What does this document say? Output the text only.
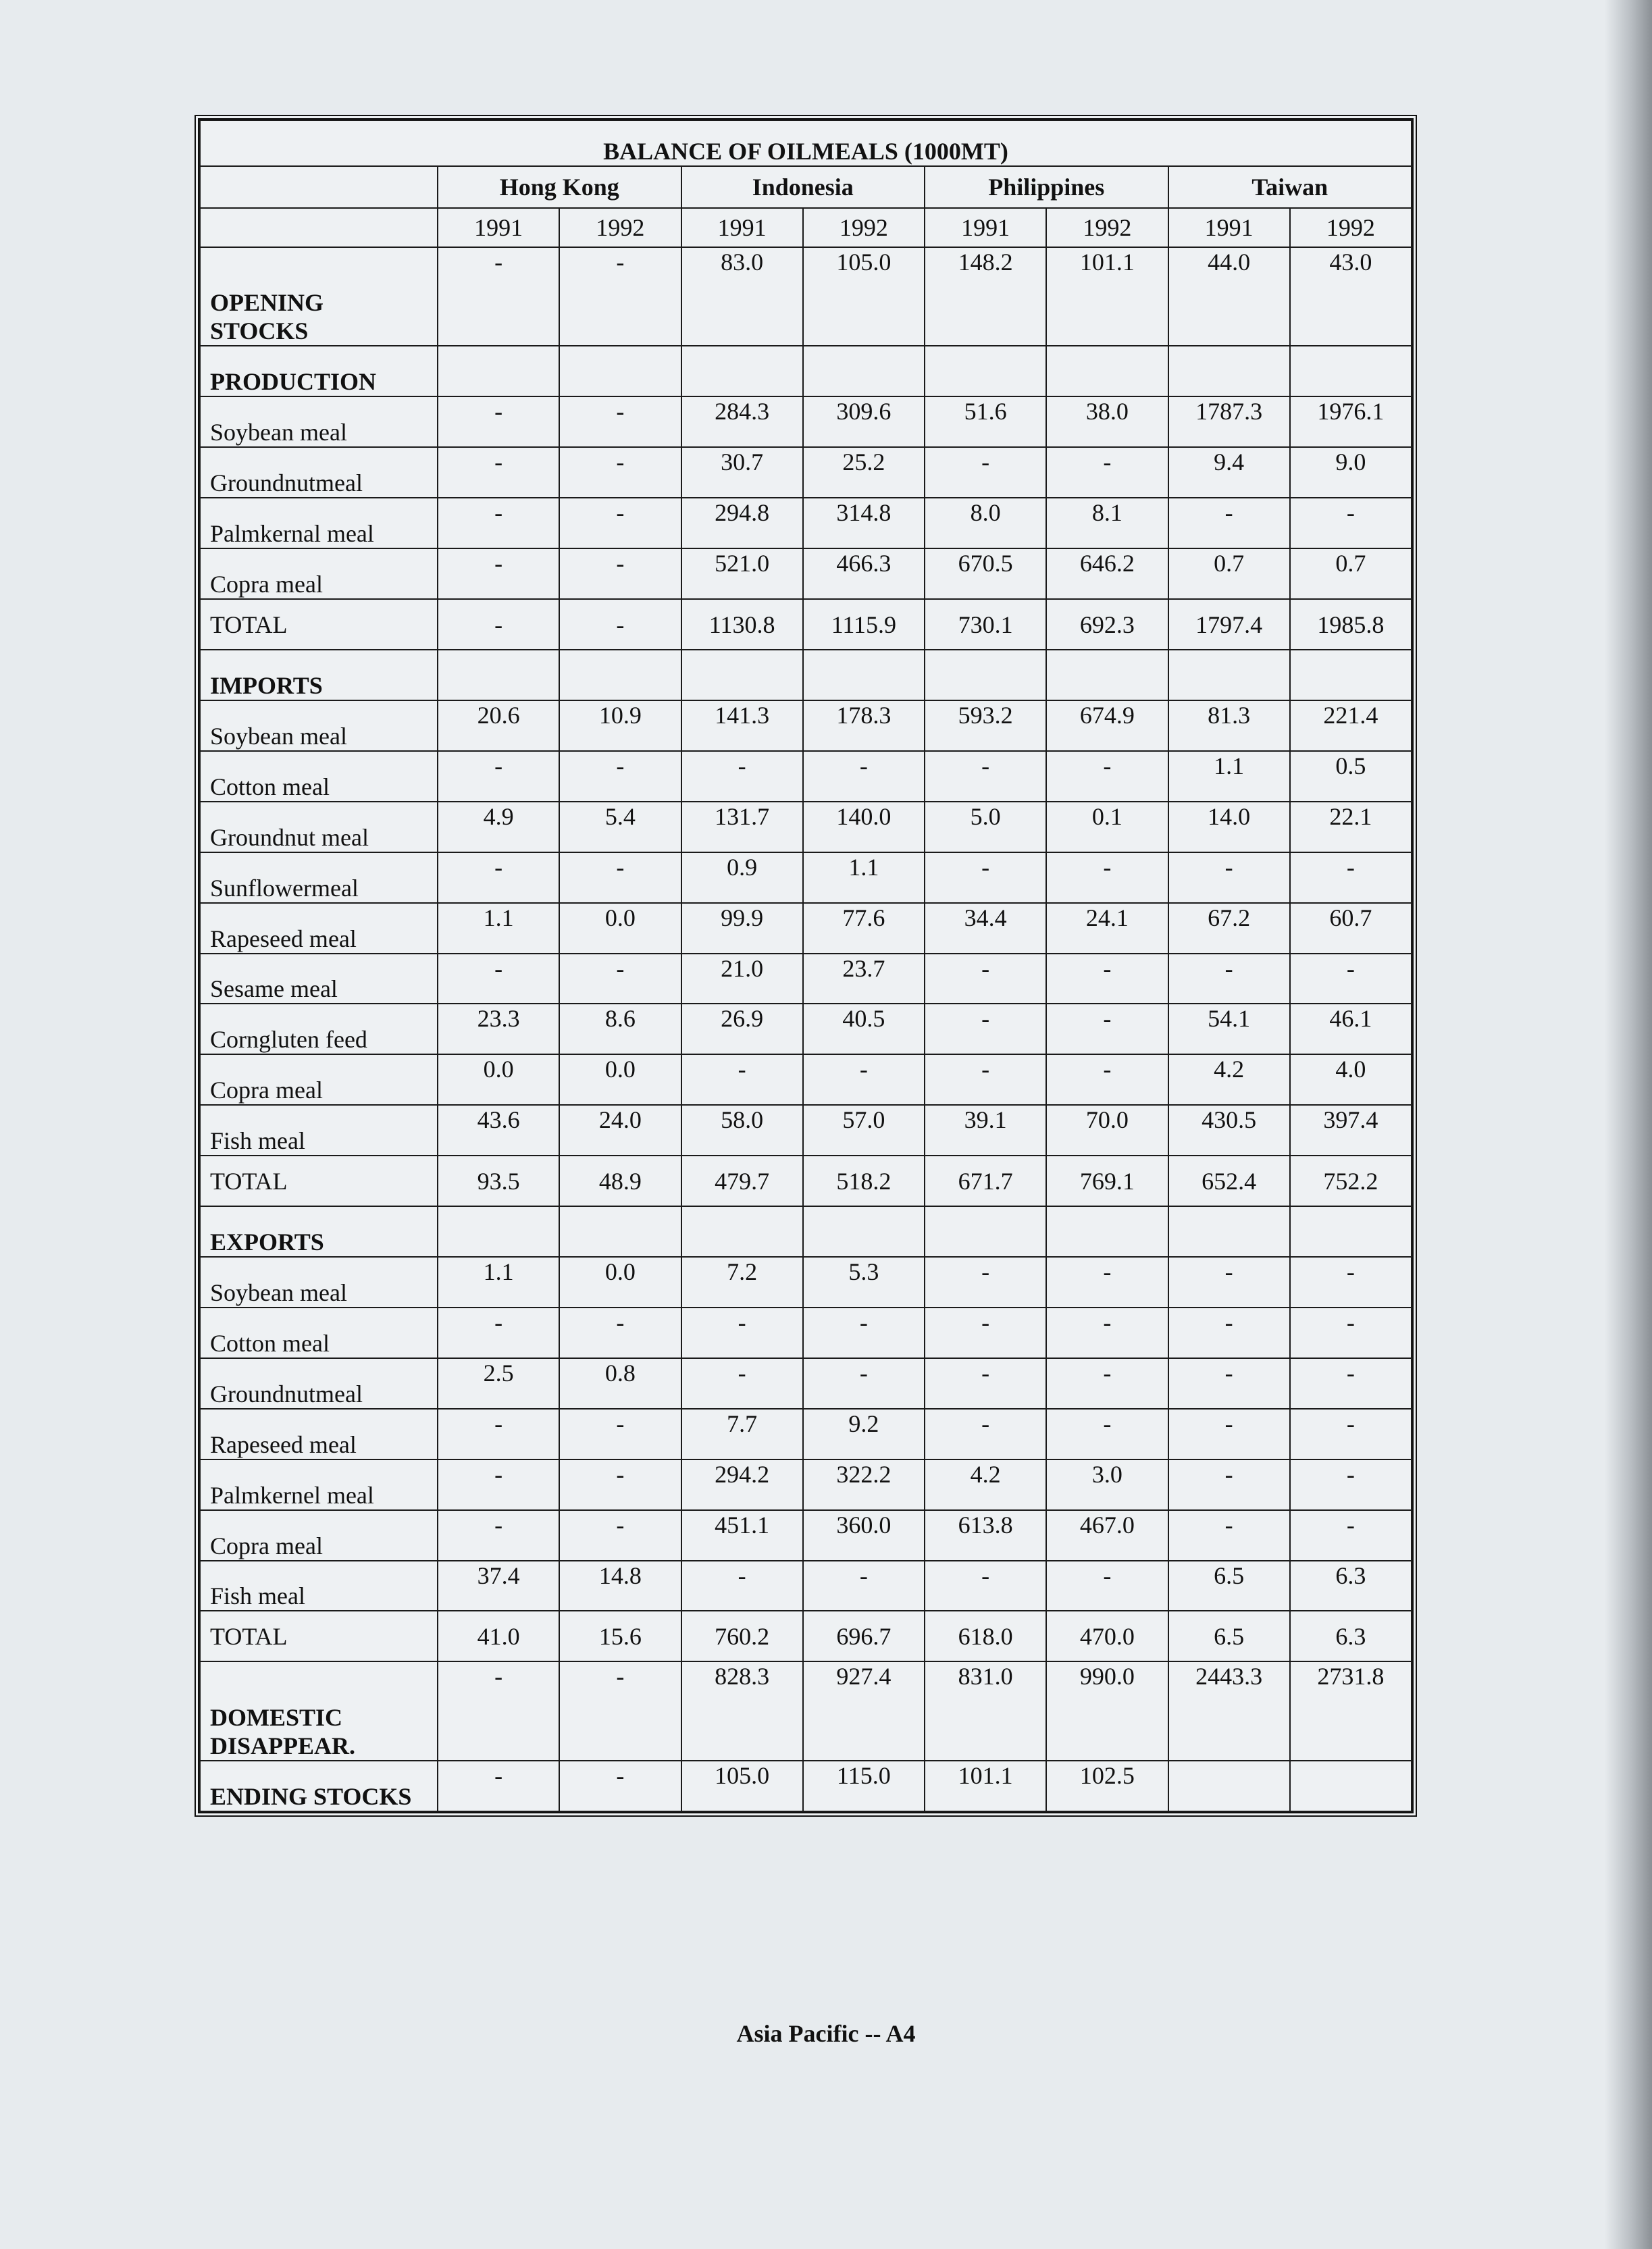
BALANCE OF OILMEALS (1000MT)								
	Hong Kong		Indonesia		Philippines		Taiwan	
	1991	1992	1991	1992	1991	1992	1991	1992
OPENING STOCKS	-	-	83.0	105.0	148.2	101.1	44.0	43.0
PRODUCTION								
Soybean meal	-	-	284.3	309.6	51.6	38.0	1787.3	1976.1
Groundnutmeal	-	-	30.7	25.2	-	-	9.4	9.0
Palmkernal meal	-	-	294.8	314.8	8.0	8.1	-	-
Copra meal	-	-	521.0	466.3	670.5	646.2	0.7	0.7
TOTAL	-	-	1130.8	1115.9	730.1	692.3	1797.4	1985.8
IMPORTS								
Soybean meal	20.6	10.9	141.3	178.3	593.2	674.9	81.3	221.4
Cotton meal	-	-	-	-	-	-	1.1	0.5
Groundnut meal	4.9	5.4	131.7	140.0	5.0	0.1	14.0	22.1
Sunflowermeal	-	-	0.9	1.1	-	-	-	-
Rapeseed meal	1.1	0.0	99.9	77.6	34.4	24.1	67.2	60.7
Sesame meal	-	-	21.0	23.7	-	-	-	-
Corngluten feed	23.3	8.6	26.9	40.5	-	-	54.1	46.1
Copra meal	0.0	0.0	-	-	-	-	4.2	4.0
Fish meal	43.6	24.0	58.0	57.0	39.1	70.0	430.5	397.4
TOTAL	93.5	48.9	479.7	518.2	671.7	769.1	652.4	752.2
EXPORTS								
Soybean meal	1.1	0.0	7.2	5.3	-	-	-	-
Cotton meal	-	-	-	-	-	-	-	-
Groundnutmeal	2.5	0.8	-	-	-	-	-	-
Rapeseed meal	-	-	7.7	9.2	-	-	-	-
Palmkernel meal	-	-	294.2	322.2	4.2	3.0	-	-
Copra meal	-	-	451.1	360.0	613.8	467.0	-	-
Fish meal	37.4	14.8	-	-	-	-	6.5	6.3
TOTAL	41.0	15.6	760.2	696.7	618.0	470.0	6.5	6.3
DOMESTIC DISAPPEAR.	-	-	828.3	927.4	831.0	990.0	2443.3	2731.8
ENDING STOCKS	-	-	105.0	115.0	101.1	102.5		
Asia Pacific -- A4
